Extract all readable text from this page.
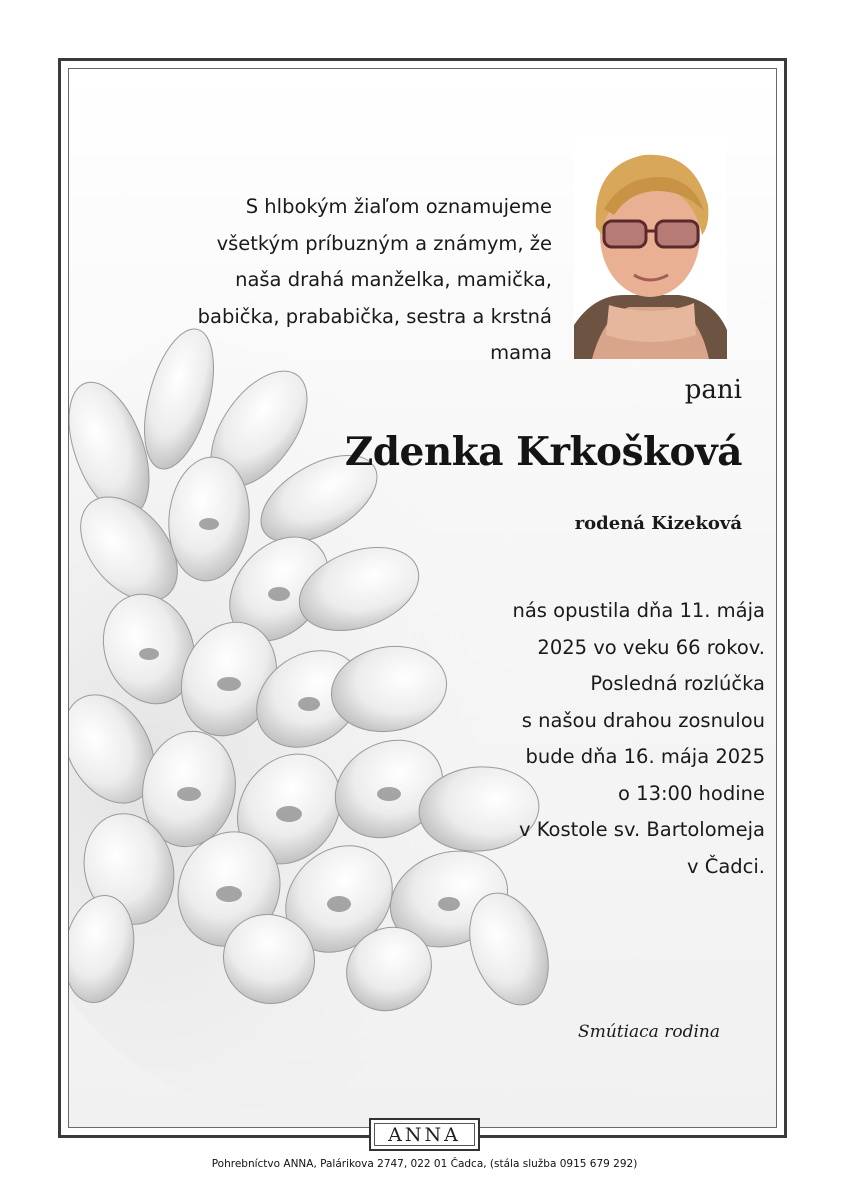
S hlbokým žiaľom oznamujeme
všetkým príbuzným a známym, že
naša drahá manželka, mamička,
babička, prababička, sestra a krstná
mama
pani
Zdenka Krkošková
rodená Kizeková
nás opustila dňa 11. mája
2025 vo veku 66 rokov.
Posledná rozlúčka
s našou drahou zosnulou
bude dňa 16. mája 2025
o 13:00 hodine
v Kostole sv. Bartolomeja
v Čadci.
Smútiaca rodina
ANNA
Pohrebníctvo ANNA, Palárikova 2747, 022 01 Čadca, (stála služba 0915 679 292)
